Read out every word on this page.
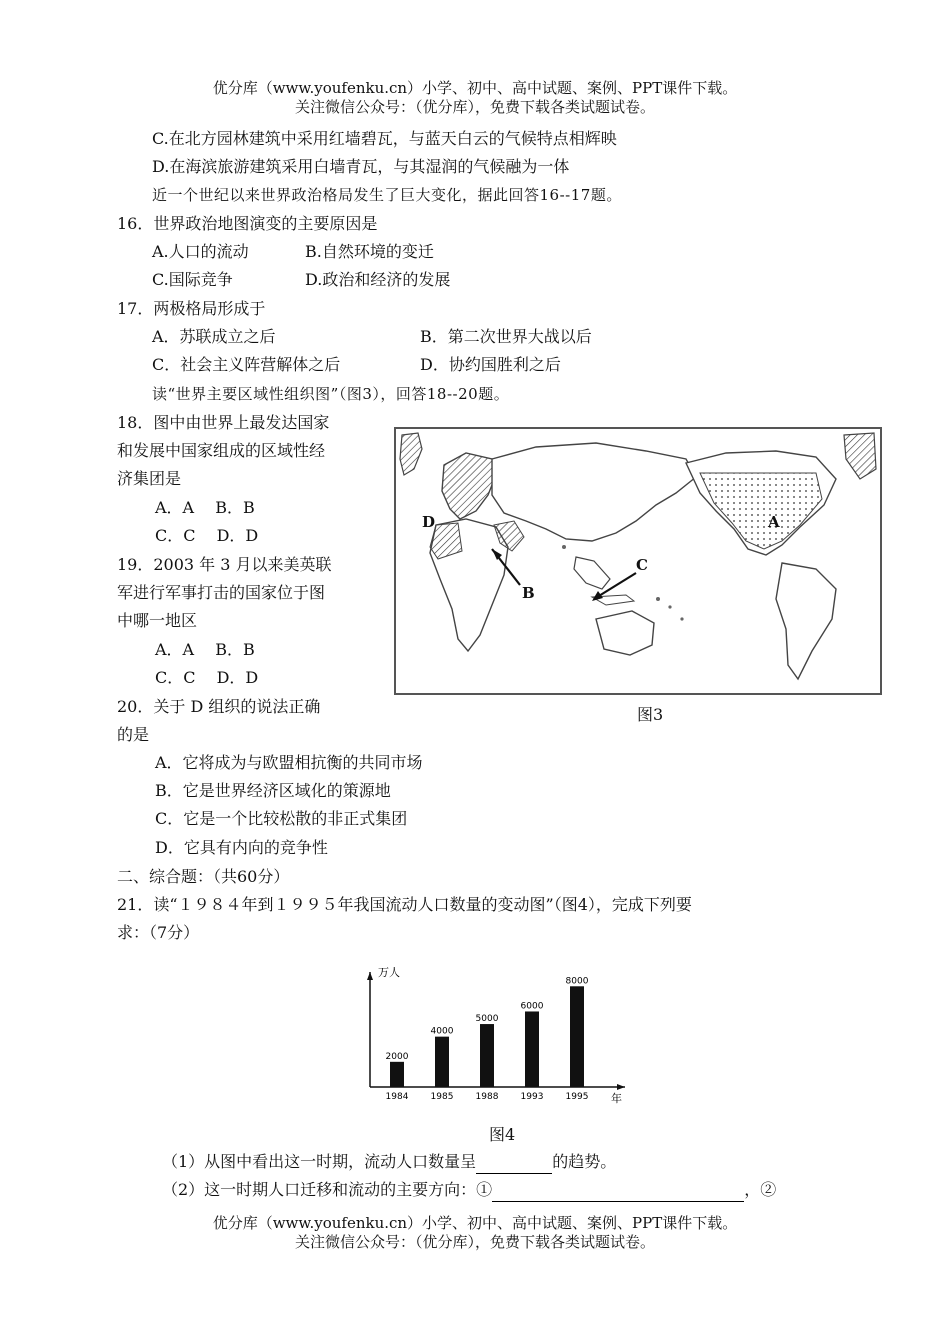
优分库（www.youfenku.cn）小学、初中、高中试题、案例、PPT课件下载。
关注微信公众号：（优分库），免费下载各类试题试卷。
C.在北方园林建筑中采用红墙碧瓦，与蓝天白云的气候特点相辉映
D.在海滨旅游建筑采用白墙青瓦，与其湿润的气候融为一体
近一个世纪以来世界政治格局发生了巨大变化，据此回答16--17题。
16．世界政治地图演变的主要原因是
A.人口的流动	B.自然环境的变迁
C.国际竞争	D.政治和经济的发展
17．两极格局形成于
A．苏联成立之后	B．第二次世界大战以后
C．社会主义阵营解体之后	D．协约国胜利之后
读“世界主要区域性组织图”（图3），回答18--20题。
18．图中由世界上最发达国家
和发展中国家组成的区域性经
济集团是
A．A　 B．B
C．C　 D．D
19．2003 年 3 月以来美英联
军进行军事打击的国家位于图
中哪一地区
A．A　 B．B
C．C　 D．D
20．关于 D 组织的说法正确
的是
A．它将成为与欧盟相抗衡的共同市场
B．它是世界经济区域化的策源地
C．它是一个比较松散的非正式集团
D．它具有内向的竞争性
D	A
B
C
图3
二、综合题：（共60分）
21．读“１９８４年到１９９５年我国流动人口数量的变动图”（图4），完成下列要
求：（7分）
万人
年
2000
1984
4000
1985
5000
1988
6000
1993
8000
1995
图4
（1）从图中看出这一时期，流动人口数量呈	的趋势。
（2）这一时期人口迁移和流动的主要方向：①	，②
优分库（www.youfenku.cn）小学、初中、高中试题、案例、PPT课件下载。
关注微信公众号：（优分库），免费下载各类试题试卷。
